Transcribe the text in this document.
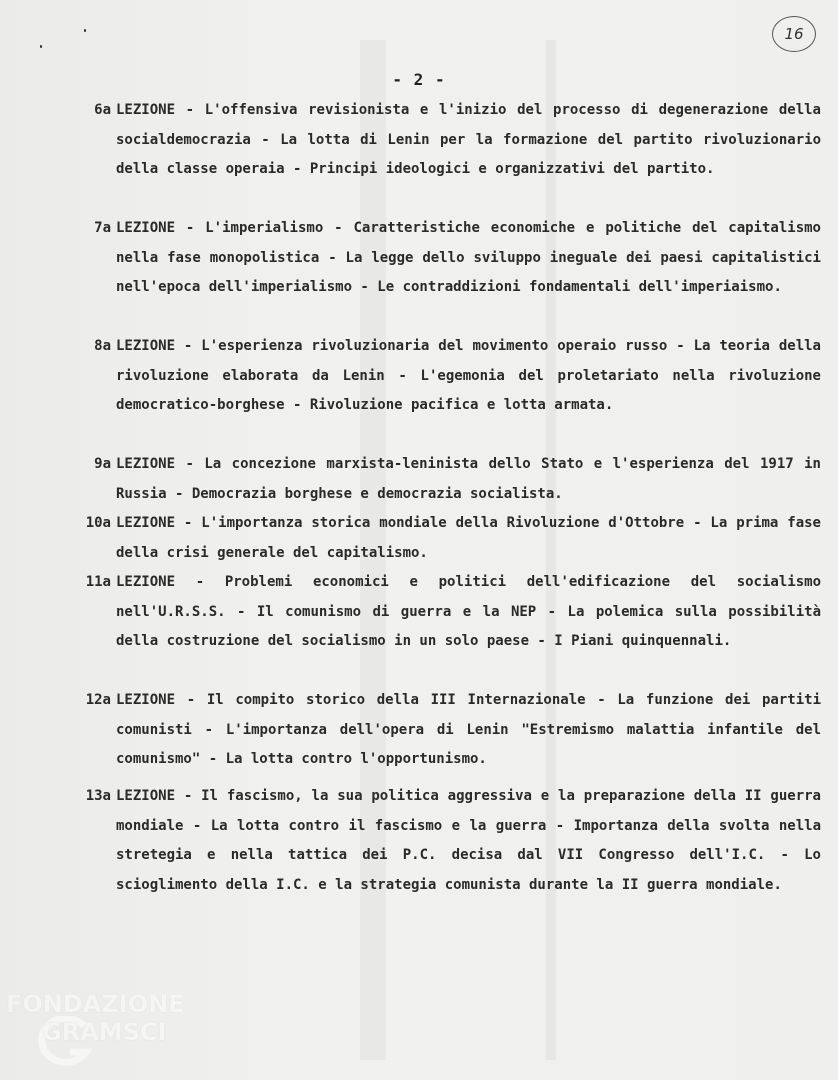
16
- 2 -
6a LEZIONE - L'offensiva revisionista e l'inizio del processo di degenerazione della socialdemocrazia - La lotta di Lenin per la formazione del partito rivoluzionario della classe operaia - Principi ideologici e organizzativi del partito.
7a LEZIONE - L'imperialismo - Caratteristiche economiche e politiche del capitalismo nella fase monopolistica - La legge dello sviluppo ineguale dei paesi capitalistici nell'epoca dell'imperialismo - Le contraddizioni fondamentali dell'imperiaismo.
8a LEZIONE - L'esperienza rivoluzionaria del movimento operaio russo - La teoria della rivoluzione elaborata da Lenin - L'egemonia del proletariato nella rivoluzione democratico-borghese - Rivoluzione pacifica e lotta armata.
9a LEZIONE - La concezione marxista-leninista dello Stato e l'esperienza del 1917 in Russia - Democrazia borghese e democrazia socialista.
10a LEZIONE - L'importanza storica mondiale della Rivoluzione d'Ottobre - La prima fase della crisi generale del capitalismo.
11a LEZIONE - Problemi economici e politici dell'edificazione del socialismo nell'U.R.S.S. - Il comunismo di guerra e la NEP - La polemica sulla possibilità della costruzione del socialismo in un solo paese - I Piani quinquennali.
12a LEZIONE - Il compito storico della III Internazionale - La funzione dei partiti comunisti - L'importanza dell'opera di Lenin "Estremismo malattia infantile del comunismo" - La lotta contro l'opportunismo.
13a LEZIONE - Il fascismo, la sua politica aggressiva e la preparazione della II guerra mondiale - La lotta contro il fascismo e la guerra - Importanza della svolta nella stretegia e nella tattica dei P.C. decisa dal VII Congresso dell'I.C. - Lo scioglimento della I.C. e la strategia comunista durante la II guerra mondiale.
FONDAZIONE
GRAMSCI
